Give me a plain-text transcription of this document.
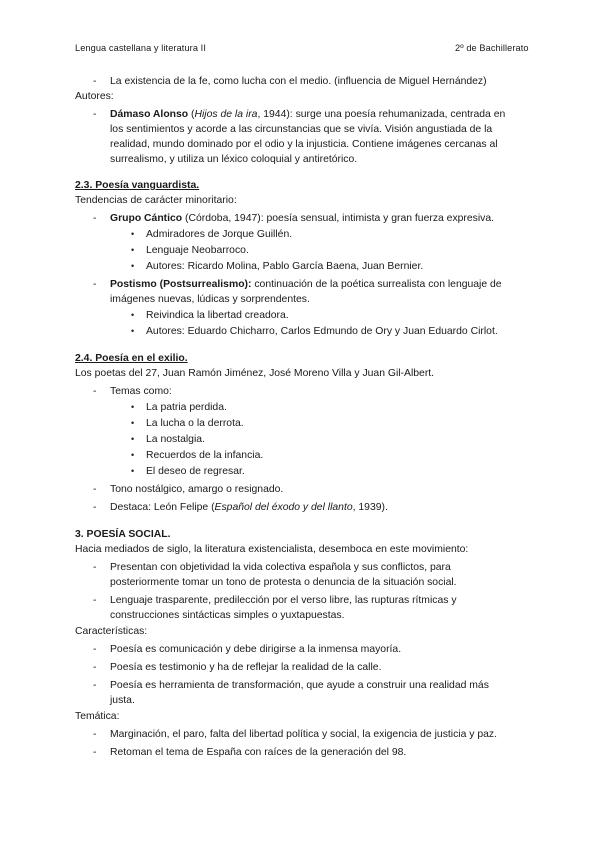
Lengua castellana y literatura II	2º de Bachillerato
- La existencia de la fe, como lucha con el medio. (influencia de Miguel Hernández)
Autores:
- Dámaso Alonso (Hijos de la ira, 1944): surge una poesía rehumanizada, centrada en
los sentimientos y acorde a las circunstancias que se vivía. Visión angustiada de la
realidad, mundo dominado por el odio y la injusticia. Contiene imágenes cercanas al
surrealismo, y utiliza un léxico coloquial y antiretórico.
2.3. Poesía vanguardista.
Tendencias de carácter minoritario:
- Grupo Cántico (Córdoba, 1947): poesía sensual, intimista y gran fuerza expresiva.
• Admiradores de Jorque Guillén.
• Lenguaje Neobarroco.
• Autores: Ricardo Molina, Pablo García Baena, Juan Bernier.
- Postismo (Postsurrealismo): continuación de la poética surrealista con lenguaje de
imágenes nuevas, lúdicas y sorprendentes.
• Reivindica la libertad creadora.
• Autores: Eduardo Chicharro, Carlos Edmundo de Ory y Juan Eduardo Cirlot.
2.4. Poesía en el exilio.
Los poetas del 27, Juan Ramón Jiménez, José Moreno Villa y Juan Gil-Albert.
- Temas como:
• La patria perdida.
• La lucha o la derrota.
• La nostalgia.
• Recuerdos de la infancia.
• El deseo de regresar.
- Tono nostálgico, amargo o resignado.
- Destaca: León Felipe (Español del éxodo y del llanto, 1939).
3. POESÍA SOCIAL.
Hacia mediados de siglo, la literatura existencialista, desemboca en este movimiento:
- Presentan con objetividad la vida colectiva española y sus conflictos, para
posteriormente tomar un tono de protesta o denuncia de la situación social.
- Lenguaje trasparente, predilección por el verso libre, las rupturas rítmicas y
construcciones sintácticas simples o yuxtapuestas.
Características:
- Poesía es comunicación y debe dirigirse a la inmensa mayoría.
- Poesía es testimonio y ha de reflejar la realidad de la calle.
- Poesía es herramienta de transformación, que ayude a construir una realidad más
justa.
Temática:
- Marginación, el paro, falta del libertad política y social, la exigencia de justicia y paz.
- Retoman el tema de España con raíces de la generación del 98.
